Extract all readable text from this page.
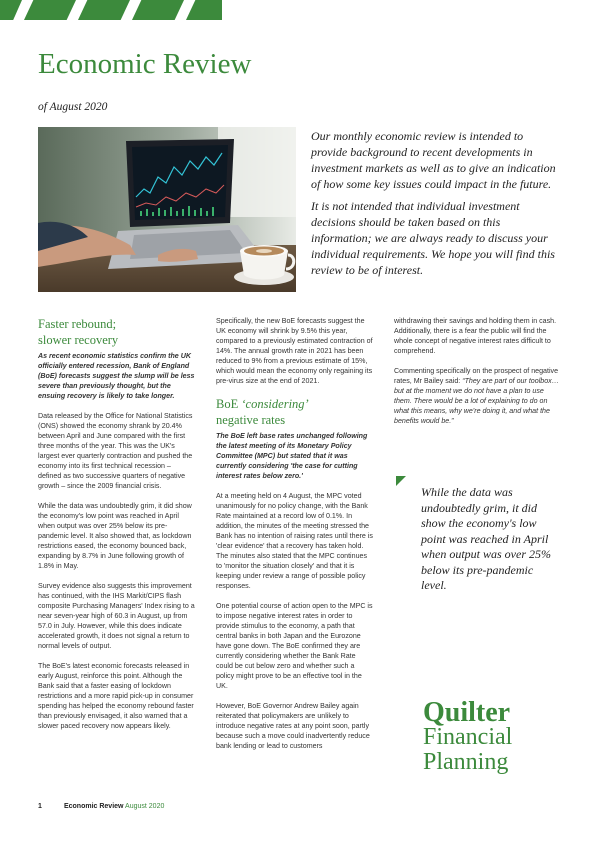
Economic Review
of August 2020

Our monthly economic review is intended to provide background to recent developments in investment markets as well as to give an indication of how some key issues could impact in the future.

It is not intended that individual investment decisions should be taken based on this information; we are always ready to discuss your individual requirements. We hope you will find this review to be of interest.

Faster rebound;
slower recovery

As recent economic statistics confirm the UK officially entered recession, Bank of England (BoE) forecasts suggest the slump will be less severe than previously thought, but the ensuing recovery is likely to take longer.

Data released by the Office for National Statistics (ONS) showed the economy shrank by 20.4% between April and June compared with the first three months of the year. This was the UK's largest ever quarterly contraction and pushed the economy into its first technical recession – defined as two successive quarters of negative growth – since the 2009 financial crisis.

While the data was undoubtedly grim, it did show the economy's low point was reached in April when output was over 25% below its pre-pandemic level. It also showed that, as lockdown restrictions eased, the economy bounced back, expanding by 8.7% in June following growth of 1.8% in May.

Survey evidence also suggests this improvement has continued, with the IHS Markit/CIPS flash composite Purchasing Managers' Index rising to a near seven-year high of 60.3 in August, up from 57.0 in July. However, while this does indicate accelerated growth, it does not signal a return to normal levels of output.

The BoE's latest economic forecasts released in early August, reinforce this point. Although the Bank said that a faster easing of lockdown restrictions and a more rapid pick-up in consumer spending has helped the economy rebound faster than previously envisaged, it also warned that a slower paced recovery now appears likely.

Specifically, the new BoE forecasts suggest the UK economy will shrink by 9.5% this year, compared to a previously estimated contraction of 14%. The annual growth rate in 2021 has been reduced to 9% from a previous estimate of 15%, which would mean the economy only regaining its pre-virus size at the end of 2021.

BoE ‘considering’
negative rates

The BoE left base rates unchanged following the latest meeting of its Monetary Policy Committee (MPC) but stated that it was currently considering 'the case for cutting interest rates below zero.'

At a meeting held on 4 August, the MPC voted unanimously for no policy change, with the Bank Rate maintained at a record low of 0.1%. In addition, the minutes of the meeting stressed the Bank has no intention of raising rates until there is 'clear evidence' that a recovery has taken hold. The minutes also stated that the MPC continues to 'monitor the situation closely' and that it is keeping under review a range of possible policy responses.

One potential course of action open to the MPC is to impose negative interest rates in order to provide stimulus to the economy, a path that central banks in both Japan and the Eurozone have gone down. The BoE confirmed they are currently considering whether the Bank Rate could be cut below zero and whether such a policy might prove to be an effective tool in the UK.

However, BoE Governor Andrew Bailey again reiterated that policymakers are unlikely to introduce negative rates at any point soon, partly because such a move could inadvertently reduce bank lending or lead to customers

withdrawing their savings and holding them in cash. Additionally, there is a fear the public will find the whole concept of negative interest rates difficult to comprehend.

Commenting specifically on the prospect of negative rates, Mr Bailey said: “They are part of our toolbox… but at the moment we do not have a plan to use them. There would be a lot of explaining to do on what this means, why we're doing it, and what the benefits would be.”

While the data was undoubtedly grim, it did show the economy's low point was reached in April when output was over 25% below its pre-pandemic level.
Quilter
Financial
Planning
1	Economic Review August 2020
